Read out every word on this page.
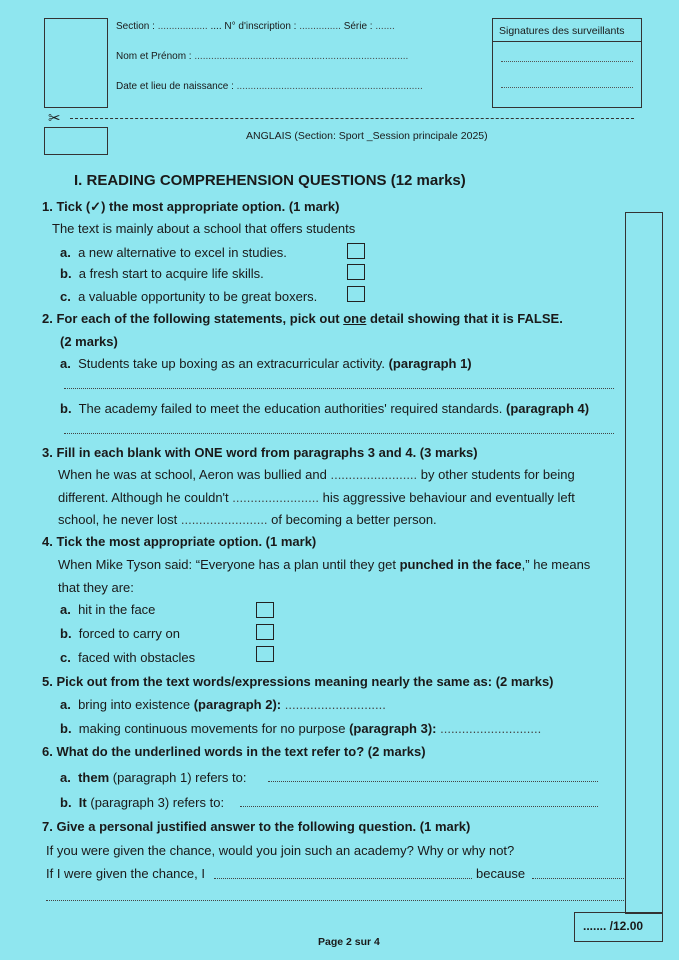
Section : .................. .... N° d'inscription : ............... Série : .......
Nom et Prénom : .............................................................................
Date et lieu de naissance : ...................................................................
Signatures des surveillants
✂
ANGLAIS (Section: Sport _Session principale 2025)
I. READING COMPREHENSION QUESTIONS (12 marks)
....... /12.00
1. Tick (✓) the most appropriate option. (1 mark)
The text is mainly about a school that offers students
a. a new alternative to excel in studies.
b. a fresh start to acquire life skills.
c. a valuable opportunity to be great boxers.
2. For each of the following statements, pick out one detail showing that it is FALSE.
(2 marks)
a. Students take up boxing as an extracurricular activity. (paragraph 1)
b. The academy failed to meet the education authorities' required standards. (paragraph 4)
3. Fill in each blank with ONE word from paragraphs 3 and 4. (3 marks)
When he was at school, Aeron was bullied and ........................ by other students for being
different. Although he couldn't ........................ his aggressive behaviour and eventually left
school, he never lost ........................ of becoming a better person.
4. Tick the most appropriate option. (1 mark)
When Mike Tyson said: “Everyone has a plan until they get punched in the face,” he means
that they are:
a. hit in the face
b. forced to carry on
c. faced with obstacles
5. Pick out from the text words/expressions meaning nearly the same as: (2 marks)
a. bring into existence (paragraph 2): ............................
b. making continuous movements for no purpose (paragraph 3): ............................
6. What do the underlined words in the text refer to? (2 marks)
a. them (paragraph 1) refers to:
b. It (paragraph 3) refers to:
7. Give a personal justified answer to the following question. (1 mark)
If you were given the chance, would you join such an academy? Why or why not?
If I were given the chance, I	because
Page 2 sur 4
